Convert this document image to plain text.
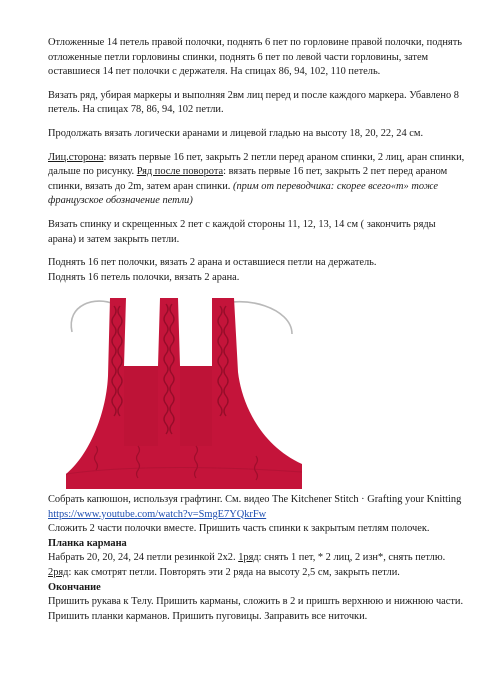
Отложенные 14 петель правой полочки, поднять 6 пет по горловине правой полочки, поднять отложенные петли горловины спинки, поднять 6 пет по левой части горловины, затем оставшиеся 14 пет полочки с держателя. На спицах 86, 94, 102, 110 петель.

Вязать ряд, убирая маркеры и выполняя 2вм лиц перед и после каждого маркера. Убавлено 8 петель. На спицах 78, 86, 94, 102 петли.

Продолжать вязать логически аранами и лицевой гладью на высоту 18, 20, 22, 24 см.

Лиц.сторона: вязать первые 16 пет, закрыть 2 петли перед араном спинки, 2 лиц, аран спинки, дальше по рисунку. Ряд после поворота: вязать первые 16 пет, закрыть 2 пет перед араном спинки, вязать до 2m, затем аран спинки. (прим от переводчика: скорее всего«m» тоже французское обозначение петли)

Вязать спинку и скрещенных 2 пет с каждой стороны 11, 12, 13, 14 см ( закончить ряды арана) и затем закрыть петли.

Поднять 16 пет полочки, вязать 2 арана и оставшиеся петли на держатель.

Поднять 16 петель полочки, вязать 2 арана.

Собрать капюшон, используя графтинг. См. видео The Kitchener Stitch · Grafting your Knitting https://www.youtube.com/watch?v=SmgE7YQkrFw

Сложить 2 части полочки вместе. Пришить часть спинки к закрытым петлям полочек.

Планка кармана

Набрать 20, 20, 24, 24 петли резинкой 2х2. 1ряд: снять 1 пет, * 2 лиц, 2 изн*, снять петлю. 2ряд: как смотрят петли. Повторять эти 2 ряда на высоту 2,5 см, закрыть петли.

Окончание

Пришить рукава к Телу. Пришить карманы, сложить в 2 и пришть верхнюю и нижнюю части. Пришить планки карманов. Пришить пуговицы. Заправить все ниточки.
